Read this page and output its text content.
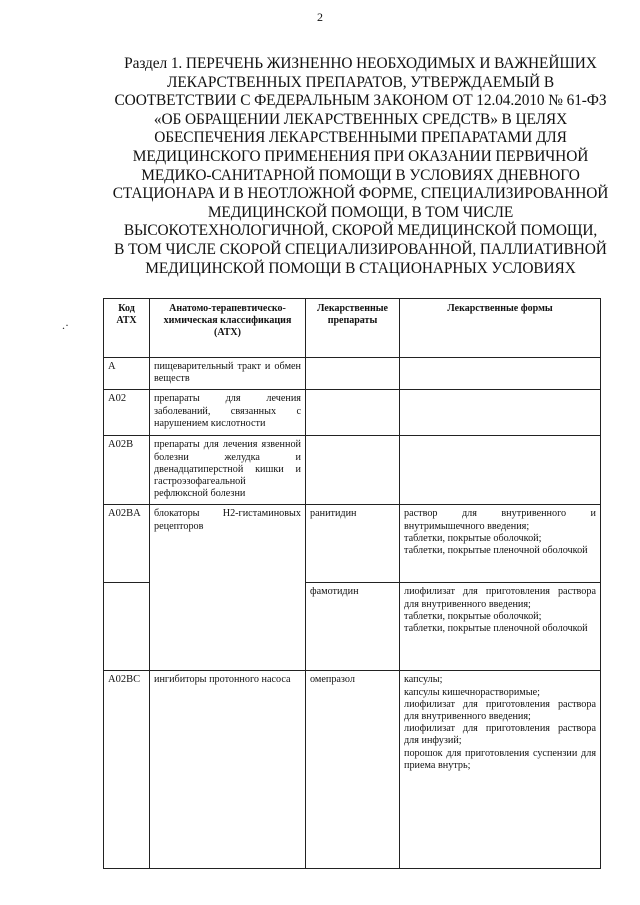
2
Раздел 1. ПЕРЕЧЕНЬ ЖИЗНЕННО НЕОБХОДИМЫХ И ВАЖНЕЙШИХ
ЛЕКАРСТВЕННЫХ ПРЕПАРАТОВ, УТВЕРЖДАЕМЫЙ В
СООТВЕТСТВИИ С ФЕДЕРАЛЬНЫМ ЗАКОНОМ ОТ 12.04.2010 № 61-ФЗ
«ОБ ОБРАЩЕНИИ ЛЕКАРСТВЕННЫХ СРЕДСТВ» В ЦЕЛЯХ
ОБЕСПЕЧЕНИЯ ЛЕКАРСТВЕННЫМИ ПРЕПАРАТАМИ ДЛЯ
МЕДИЦИНСКОГО ПРИМЕНЕНИЯ ПРИ ОКАЗАНИИ ПЕРВИЧНОЙ
МЕДИКО-САНИТАРНОЙ ПОМОЩИ В УСЛОВИЯХ ДНЕВНОГО
СТАЦИОНАРА И В НЕОТЛОЖНОЙ ФОРМЕ, СПЕЦИАЛИЗИРОВАННОЙ
МЕДИЦИНСКОЙ ПОМОЩИ, В ТОМ ЧИСЛЕ
ВЫСОКОТЕХНОЛОГИЧНОЙ, СКОРОЙ МЕДИЦИНСКОЙ ПОМОЩИ,
В ТОМ ЧИСЛЕ СКОРОЙ СПЕЦИАЛИЗИРОВАННОЙ, ПАЛЛИАТИВНОЙ
МЕДИЦИНСКОЙ ПОМОЩИ В СТАЦИОНАРНЫХ УСЛОВИЯХ
.·
Код АТХ	Анатомо-терапевтическо-химическая классификация (АТХ)	Лекарственные препараты	Лекарственные формы
A	пищеварительный тракт и обмен веществ		
A02	препараты для лечения заболеваний, связанных с нарушением кислотности		
A02B	препараты для лечения язвенной болезни желудка и двенадцатиперстной кишки и гастроэзофагеальной рефлюксной болезни		
A02BA	блокаторы H2-гистаминовых рецепторов	ранитидин	раствор для внутривенного и внутримышечного введения;
таблетки, покрытые оболочкой;
таблетки, покрытые пленочной оболочкой

		фамотидин	лиофилизат для приготовления раствора для внутривенного введения;
таблетки, покрытые оболочкой;
таблетки, покрытые пленочной оболочкой

A02BC	ингибиторы протонного насоса	омепразол	капсулы;
капсулы кишечнорастворимые;
лиофилизат для приготовления раствора для внутривенного введения;
лиофилизат для приготовления раствора для инфузий;
порошок для приготовления суспензии для приема внутрь;
